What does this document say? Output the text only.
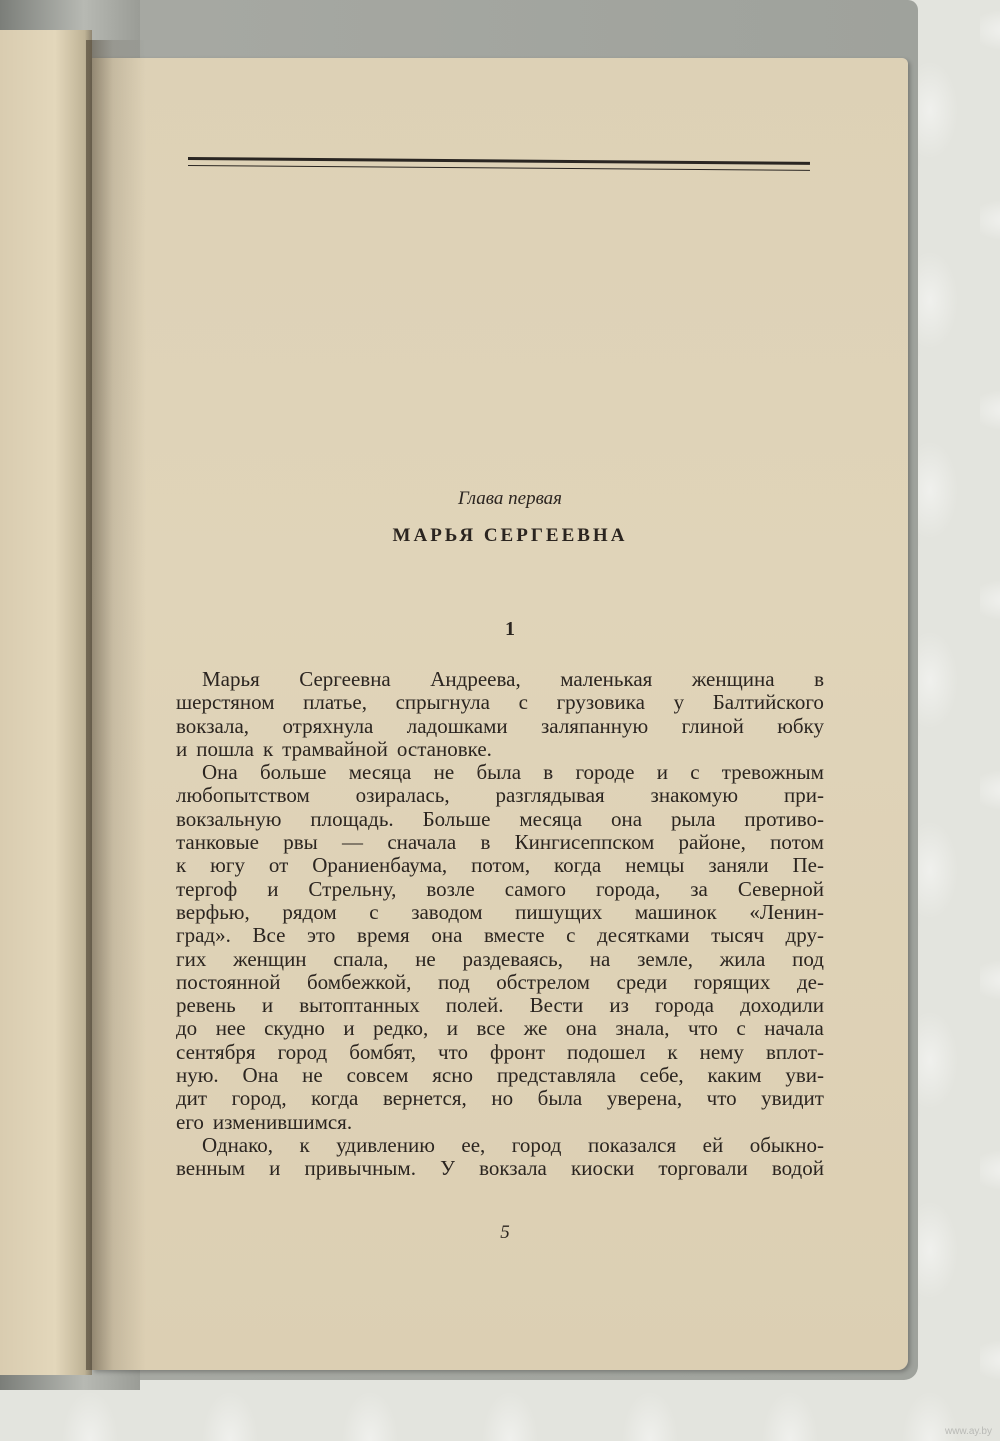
Глава первая
МАРЬЯ СЕРГЕЕВНА
1
Марья Сергеевна Андреева, маленькая женщина в
шерстяном платье, спрыгнула с грузовика у Балтийского
вокзала, отряхнула ладошками заляпанную глиной юбку
и пошла к трамвайной остановке.
Она больше месяца не была в городе и с тревожным
любопытством озиралась, разглядывая знакомую при-
вокзальную площадь. Больше месяца она рыла противо-
танковые рвы — сначала в Кингисеппском районе, потом
к югу от Ораниенбаума, потом, когда немцы заняли Пе-
тергоф и Стрельну, возле самого города, за Северной
верфью, рядом с заводом пишущих машинок «Ленин-
град». Все это время она вместе с десятками тысяч дру-
гих женщин спала, не раздеваясь, на земле, жила под
постоянной бомбежкой, под обстрелом среди горящих де-
ревень и вытоптанных полей. Вести из города доходили
до нее скудно и редко, и все же она знала, что с начала
сентября город бомбят, что фронт подошел к нему вплот-
ную. Она не совсем ясно представляла себе, каким уви-
дит город, когда вернется, но была уверена, что увидит
его изменившимся.
Однако, к удивлению ее, город показался ей обыкно-
венным и привычным. У вокзала киоски торговали водой
5
www.ay.by
